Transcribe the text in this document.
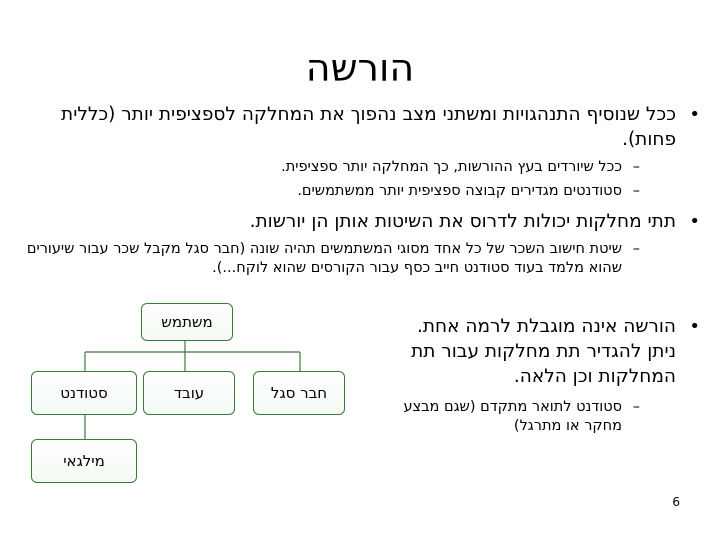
הורשה
•
ככל שנוסיף התנהגויות ומשתני מצב נהפוך את המחלקה לספציפית יותר (כללית פחות).
–
ככל שיורדים בעץ ההורשות, כך המחלקה יותר ספציפית.
–
סטודנטים מגדירים קבוצה ספציפית יותר ממשתמשים.
•
תתי מחלקות יכולות לדרוס את השיטות אותן הן יורשות.
–
שיטת חישוב השכר של כל אחד מסוגי המשתמשים תהיה שונה (חבר סגל מקבל שכר עבור שיעורים שהוא מלמד בעוד סטודנט חייב כסף עבור הקורסים שהוא לוקח...).
•
הורשה אינה מוגבלת לרמה אחת. ניתן להגדיר תת מחלקות עבור תת המחלקות וכן הלאה.
–
סטודנט לתואר מתקדם (שגם מבצע מחקר או מתרגל)
משתמש
חבר סגל
עובד
סטודנט
מילגאי
6
